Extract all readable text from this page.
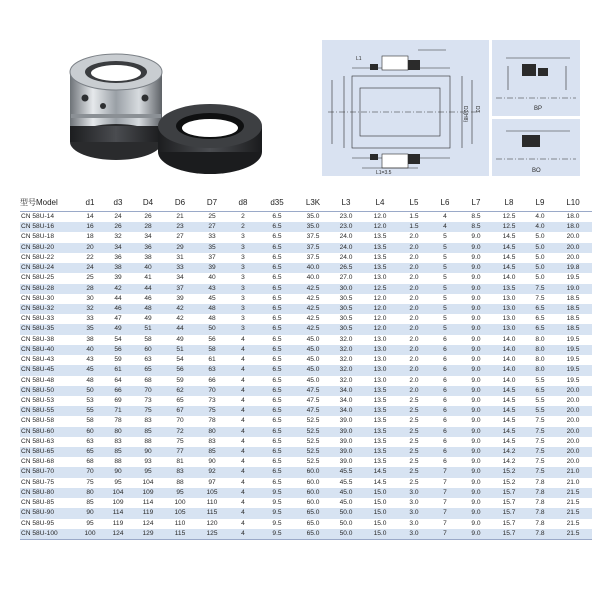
L1
L1=3.5
D2(H8) D3	BP
BO
型号Model	d1	d3	D4	D6	D7	d8	d35	L3K	L3	L4	L5	L6	L7	L8	L9	L10
CN 58U-14	14	24	26	21	25	2	6.5	35.0	23.0	12.0	1.5	4	8.5	12.5	4.0	18.0
CN 58U-16	16	26	28	23	27	2	6.5	35.0	23.0	12.0	1.5	4	8.5	12.5	4.0	18.0
CN 58U-18	18	32	34	27	33	3	6.5	37.5	24.0	13.5	2.0	5	9.0	14.5	5.0	20.0
CN 58U-20	20	34	36	29	35	3	6.5	37.5	24.0	13.5	2.0	5	9.0	14.5	5.0	20.0
CN 58U-22	22	36	38	31	37	3	6.5	37.5	24.0	13.5	2.0	5	9.0	14.5	5.0	20.0
CN 58U-24	24	38	40	33	39	3	6.5	40.0	26.5	13.5	2.0	5	9.0	14.5	5.0	19.8
CN 58U-25	25	39	41	34	40	3	6.5	40.0	27.0	13.0	2.0	5	9.0	14.0	5.0	19.5
CN 58U-28	28	42	44	37	43	3	6.5	42.5	30.0	12.5	2.0	5	9.0	13.5	7.5	19.0
CN 58U-30	30	44	46	39	45	3	6.5	42.5	30.5	12.0	2.0	5	9.0	13.0	7.5	18.5
CN 58U-32	32	46	48	42	48	3	6.5	42.5	30.5	12.0	2.0	5	9.0	13.0	6.5	18.5
CN 58U-33	33	47	49	42	48	3	6.5	42.5	30.5	12.0	2.0	5	9.0	13.0	6.5	18.5
CN 58U-35	35	49	51	44	50	3	6.5	42.5	30.5	12.0	2.0	5	9.0	13.0	6.5	18.5
CN 58U-38	38	54	58	49	56	4	6.5	45.0	32.0	13.0	2.0	6	9.0	14.0	8.0	19.5
CN 58U-40	40	56	60	51	58	4	6.5	45.0	32.0	13.0	2.0	6	9.0	14.0	8.0	19.5
CN 58U-43	43	59	63	54	61	4	6.5	45.0	32.0	13.0	2.0	6	9.0	14.0	8.0	19.5
CN 58U-45	45	61	65	56	63	4	6.5	45.0	32.0	13.0	2.0	6	9.0	14.0	8.0	19.5
CN 58U-48	48	64	68	59	66	4	6.5	45.0	32.0	13.0	2.0	6	9.0	14.0	5.5	19.5
CN 58U-50	50	66	70	62	70	4	6.5	47.5	34.0	13.5	2.0	6	9.0	14.5	6.5	20.0
CN 58U-53	53	69	73	65	73	4	6.5	47.5	34.0	13.5	2.5	6	9.0	14.5	5.5	20.0
CN 58U-55	55	71	75	67	75	4	6.5	47.5	34.0	13.5	2.5	6	9.0	14.5	5.5	20.0
CN 58U-58	58	78	83	70	78	4	6.5	52.5	39.0	13.5	2.5	6	9.0	14.5	7.5	20.0
CN 58U-60	60	80	85	72	80	4	6.5	52.5	39.0	13.5	2.5	6	9.0	14.5	7.5	20.0
CN 58U-63	63	83	88	75	83	4	6.5	52.5	39.0	13.5	2.5	6	9.0	14.5	7.5	20.0
CN 58U-65	65	85	90	77	85	4	6.5	52.5	39.0	13.5	2.5	6	9.0	14.2	7.5	20.0
CN 58U-68	68	88	93	81	90	4	6.5	52.5	39.0	13.5	2.5	6	9.0	14.2	7.5	20.0
CN 58U-70	70	90	95	83	92	4	6.5	60.0	45.5	14.5	2.5	7	9.0	15.2	7.5	21.0
CN 58U-75	75	95	104	88	97	4	6.5	60.0	45.5	14.5	2.5	7	9.0	15.2	7.8	21.0
CN 58U-80	80	104	109	95	105	4	9.5	60.0	45.0	15.0	3.0	7	9.0	15.7	7.8	21.5
CN 58U-85	85	109	114	100	110	4	9.5	60.0	45.0	15.0	3.0	7	9.0	15.7	7.8	21.5
CN 58U-90	90	114	119	105	115	4	9.5	65.0	50.0	15.0	3.0	7	9.0	15.7	7.8	21.5
CN 58U-95	95	119	124	110	120	4	9.5	65.0	50.0	15.0	3.0	7	9.0	15.7	7.8	21.5
CN 58U-100	100	124	129	115	125	4	9.5	65.0	50.0	15.0	3.0	7	9.0	15.7	7.8	21.5
